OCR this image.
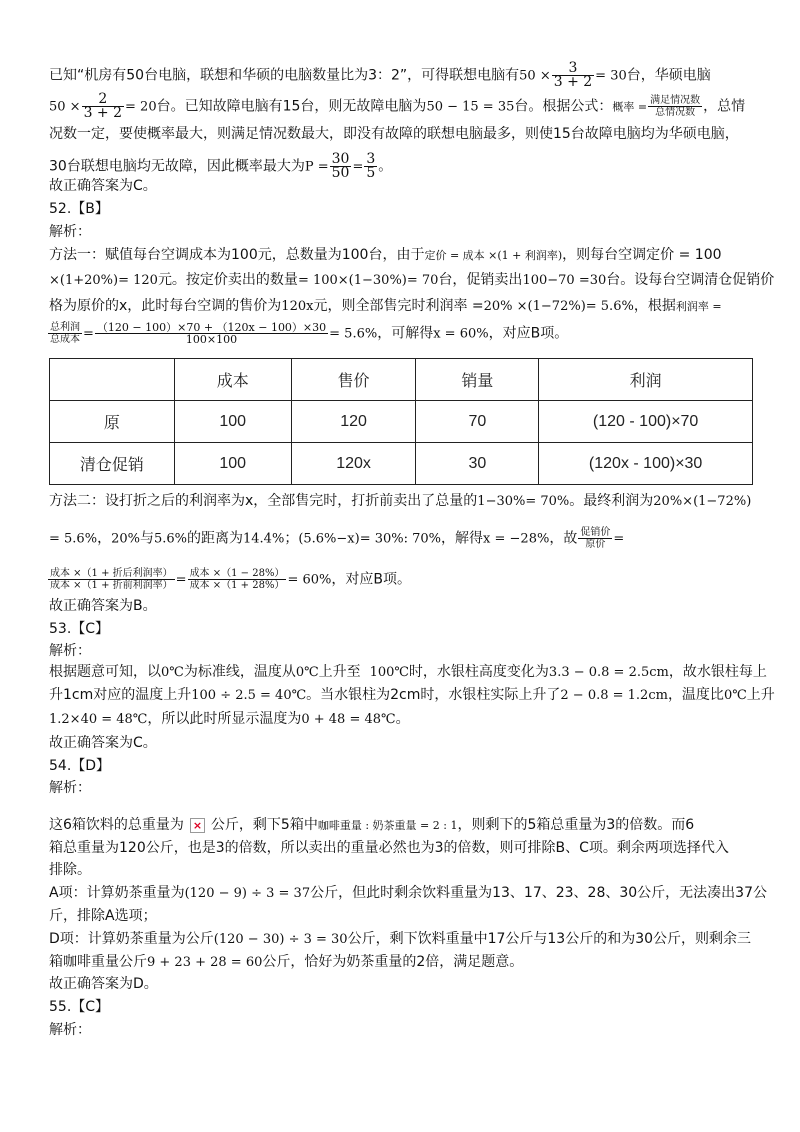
已知“机房有50台电脑，联想和华硕的电脑数量比为3：2”，可得联想电脑有$50 \times \frac{3}{3 + 2} = 30$台，华硕电脑
$50 \times \frac{2}{3 + 2} = 20$台。已知故障电脑有15台，则无故障电脑为50 − 15 = 35台。根据公式：概率 = $\frac{\text{满足情况数}}{\text{总情况数}}$ ，总情
况数一定，要使概率最大，则满足情况数最大，即没有故障的联想电脑最多，则使15台故障电脑均为华硕电脑，
30台联想电脑均无故障，因此概率最大为$P = \frac{30}{50} = \frac{3}{5}$ 。
故正确答案为C。
52.【B】
解析：
方法一：赋值每台空调成本为100元，总数量为100台，由于定价 = 成本 ×(1 + 利润率)，则每台空调定价 = 100
×(1+20%)= 120元。按定价卖出的数量= 100×(1−30%)= 70台，促销卖出100−70 =30台。设每台空调清仓促销价
格为原价的x，此时每台空调的售价为120x元，则全部售完时利润率 =20% ×(1−72%)= 5.6%，根据利润率 =
$\frac{\text{总利润}}{\text{总成本}} = \frac{(120 - 100)\times 70 + (120x - 100)\times 30}{100\times 100} = 5.6\%$，可解得x = 60%，对应B项。
	成本	售价	销量	利润
原	100	120	70	(120 - 100)×70
清仓促销	100	120x	30	(120x - 100)×30
方法二：设打折之后的利润率为x，全部售完时，打折前卖出了总量的1−30%= 70%。最终利润为20%×(1−72%)
= 5.6%，20%与5.6%的距离为14.4%；(5.6%−x)= 30%: 70%，解得x = −28%，故 $\frac{\text{促销价}}{\text{原价}}$ =
$\frac{\text{成本 ×（1 + 折后利润率）}}{\text{成本 ×（1 + 折前利润率）}} = \frac{\text{成本 ×（1 − 28\%）}}{\text{成本 ×（1 + 28\%）}} = 60\%$，对应B项。
故正确答案为B。
53.【C】
解析：
根据题意可知，以0℃为标准线，温度从0℃上升至 100℃时，水银柱高度变化为3.3 − 0.8 = 2.5cm，故水银柱每上
升1cm对应的温度上升100 ÷ 2.5 = 40℃。当水银柱为2cm时，水银柱实际上升了2 − 0.8 = 1.2cm，温度比0℃上升
1.2×40 = 48℃，所以此时所显示温度为0 + 48 = 48℃。
故正确答案为C。
54.【D】
解析：
这6箱饮料的总重量为 × 公斤，剩下5箱中咖啡重量 : 奶茶重量 = 2 : 1，则剩下的5箱总重量为3的倍数。而6
箱总重量为120公斤，也是3的倍数，所以卖出的重量必然也为3的倍数，则可排除B、C项。剩余两项选择代入
排除。
A项：计算奶茶重量为(120 − 9) ÷ 3 = 37公斤，但此时剩余饮料重量为13、17、23、28、30公斤，无法凑出37公
斤，排除A选项；
D项：计算奶茶重量为公斤(120 − 30) ÷ 3 = 30公斤，剩下饮料重量中17公斤与13公斤的和为30公斤，则剩余三
箱咖啡重量公斤9 + 23 + 28 = 60公斤，恰好为奶茶重量的2倍，满足题意。
故正确答案为D。
55.【C】
解析：
